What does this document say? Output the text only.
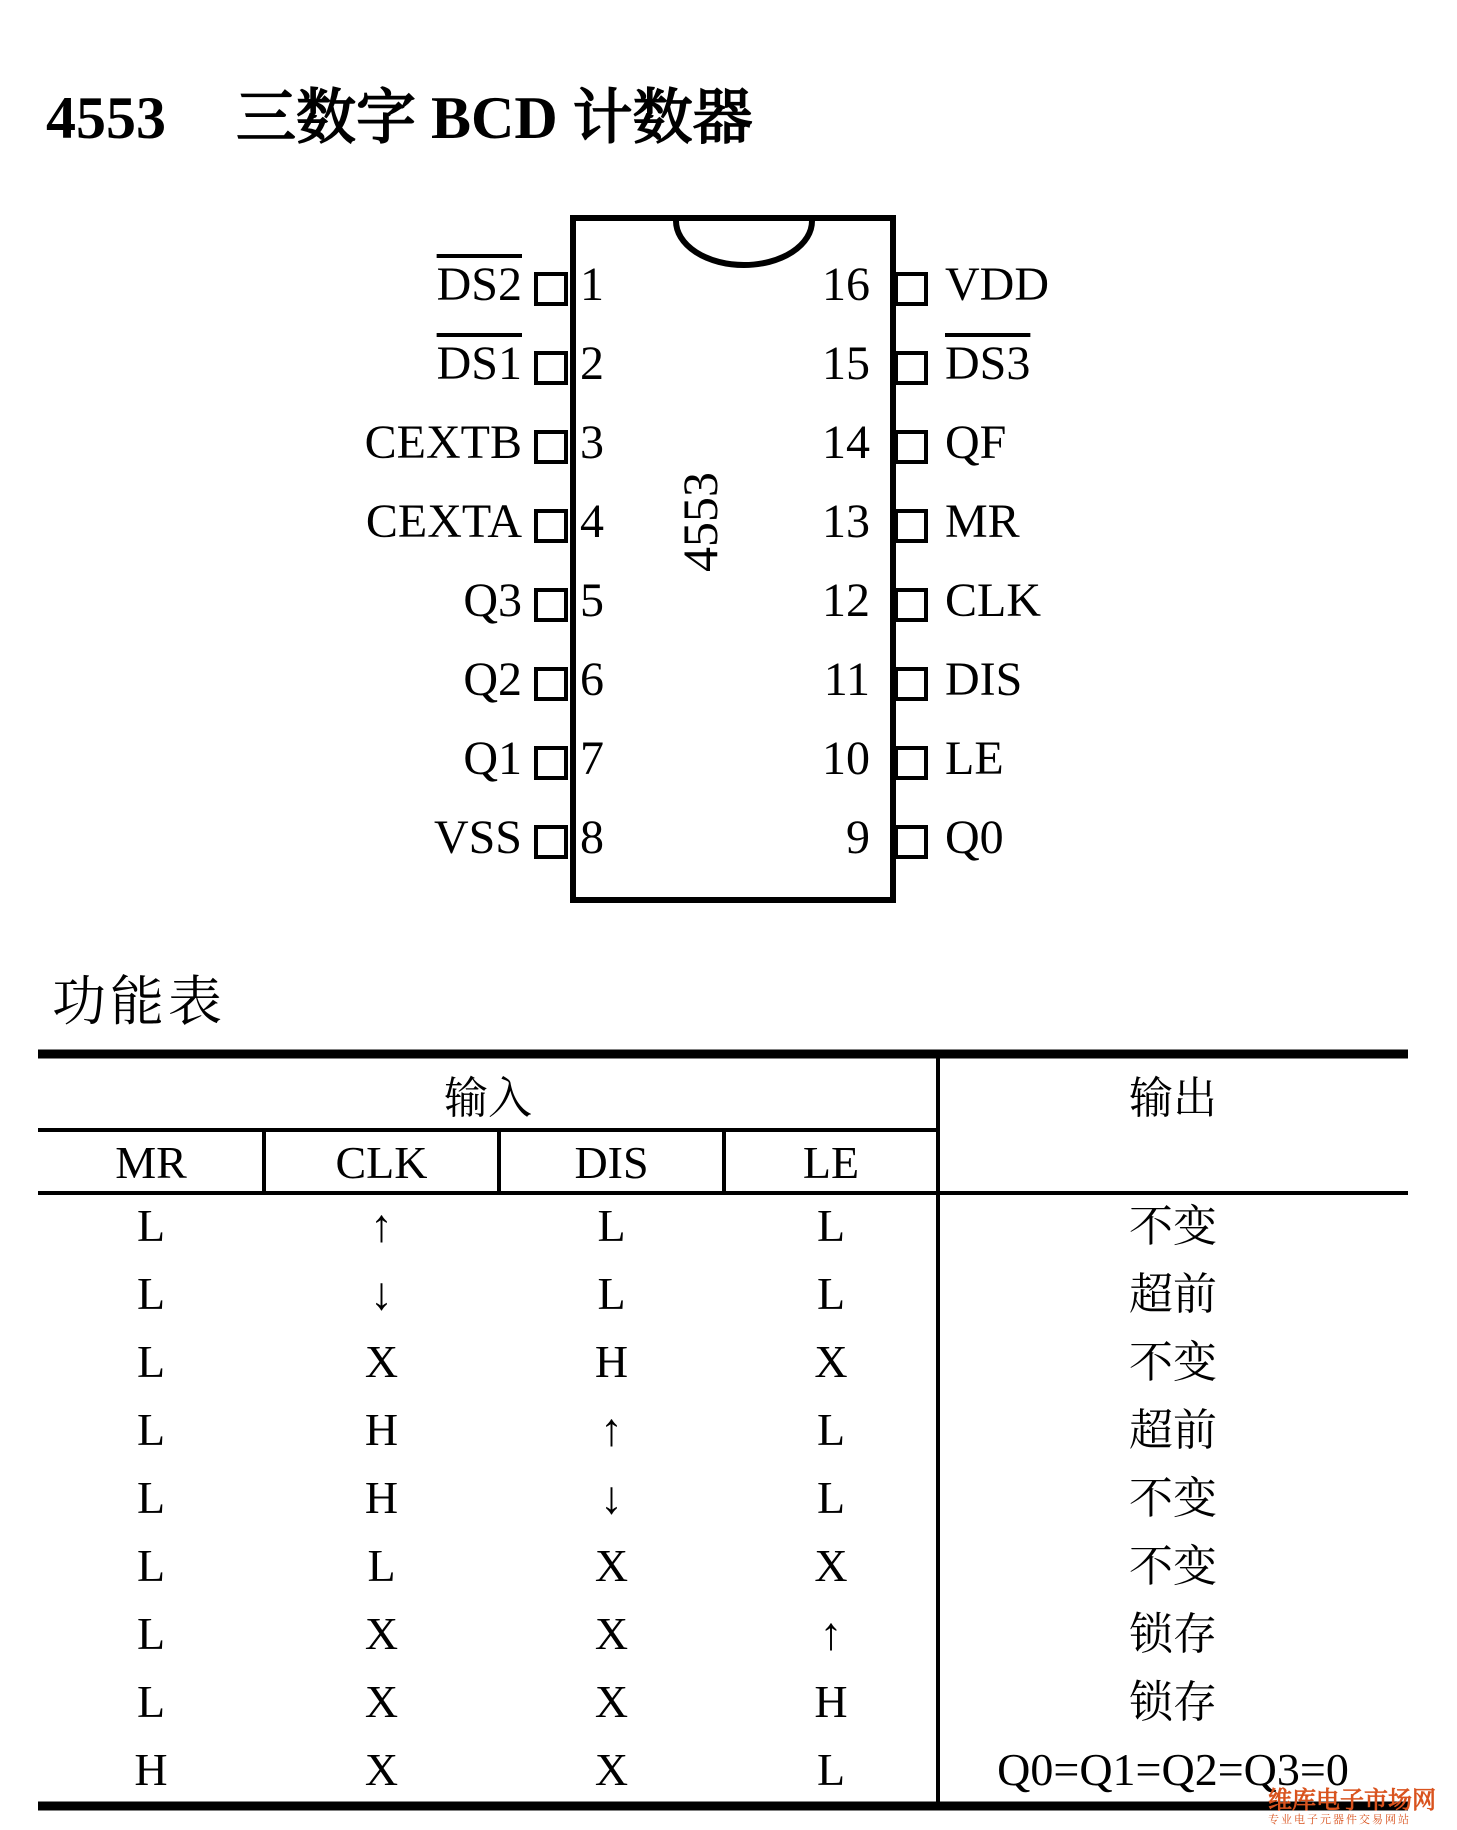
4553 三数字 BCD 计数器
DS2 1
DS1 2
CEXTB 3
CEXTA 4
Q3 5
Q2 6
Q1 7
VSS 8
16 VDD
15 DS3
14 QF
13 MR
12 CLK
11 DIS
10 LE
9 Q0
4553
功能表
输入	输出
MR	CLK	DIS	LE
L	↑	L	L	不变
L	↓	L	L	超前
L	X	H	X	不变
L	H	↑	L	超前
L	H	↓	L	不变
L	L	X	X	不变
L	X	X	↑	锁存
L	X	X	H	锁存
H	X	X	L	Q0=Q1=Q2=Q3=0
维库电子市场网
专业电子元器件交易网站
